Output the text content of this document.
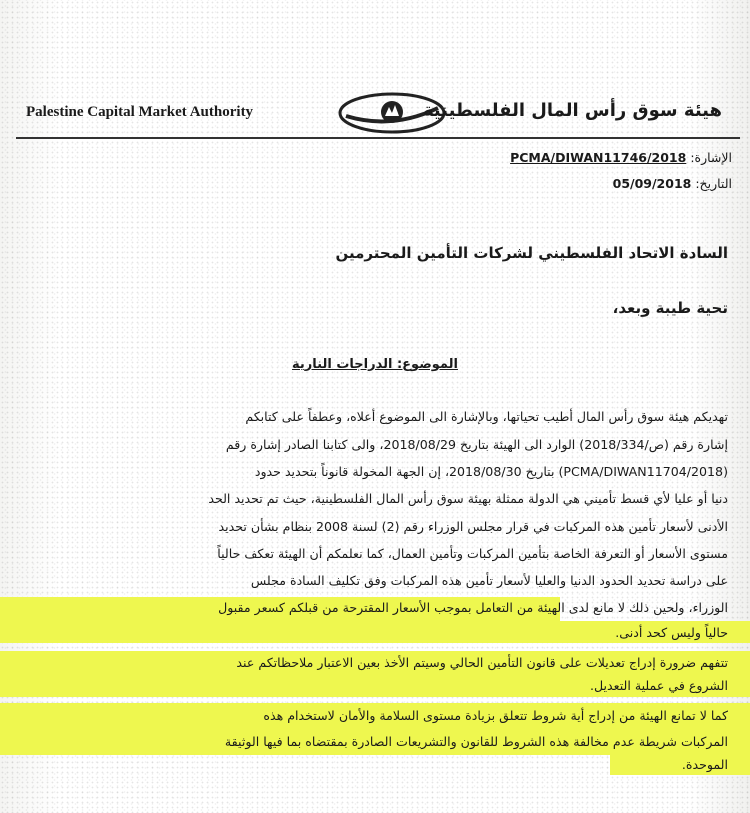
Palestine Capital Market Authority	هيئة سوق رأس المال الفلسطينية
الإشارة: PCMA/DIWAN11746/2018
التاريخ: 05/09/2018
السادة الاتحاد الفلسطيني لشركات التأمين المحترمين
تحية طيبة وبعد،
الموضوع: الدراجات النارية
تهديكم هيئة سوق رأس المال أطيب تحياتها، وبالإشارة الى الموضوع أعلاه، وعطفاً على كتابكم
إشارة رقم (ص/2018/334) الوارد الى الهيئة بتاريخ 2018/08/29، والى كتابنا الصادر إشارة رقم
(PCMA/DIWAN11704/2018) بتاريخ 2018/08/30، إن الجهة المخولة قانوناً بتحديد حدود
دنيا أو عليا لأي قسط تأميني هي الدولة ممثلة بهيئة سوق رأس المال الفلسطينية، حيث تم تحديد الحد
الأدنى لأسعار تأمين هذه المركبات في قرار مجلس الوزراء رقم (2) لسنة 2008 بنظام بشأن تحديد
مستوى الأسعار أو التعرفة الخاصة بتأمين المركبات وتأمين العمال، كما نعلمكم أن الهيئة تعكف حالياً
على دراسة تحديد الحدود الدنيا والعليا لأسعار تأمين هذه المركبات وفق تكليف السادة مجلس
الوزراء، ولحين ذلك لا مانع لدى الهيئة من التعامل بموجب الأسعار المقترحة من قبلكم كسعر مقبول
حالياً وليس كحد أدنى.
تتفهم ضرورة إدراج تعديلات على قانون التأمين الحالي وسيتم الأخذ بعين الاعتبار ملاحظاتكم عند
الشروع في عملية التعديل.
كما لا تمانع الهيئة من إدراج أية شروط تتعلق بزيادة مستوى السلامة والأمان لاستخدام هذه
المركبات شريطة عدم مخالفة هذه الشروط للقانون والتشريعات الصادرة بمقتضاه بما فيها الوثيقة
الموحدة.
